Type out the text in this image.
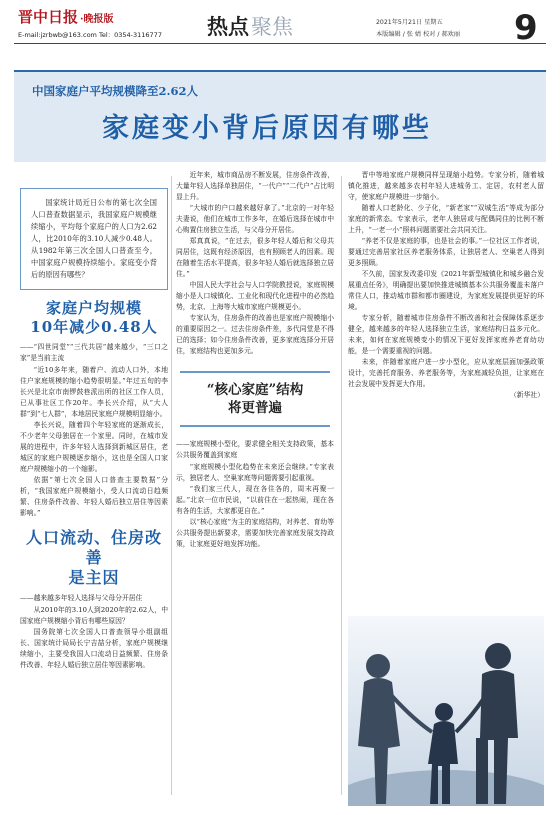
晋中日报 ·晚报版
E-mail:jzrbwb@163.com Tel：0354-3116777 热点聚焦	2021年5月21日 星期五
本版编辑 / 张 婧 校对 / 郝欢丽	9
中国家庭户平均规模降至2.62人
家庭变小背后原因有哪些

国家统计局近日公布的第七次全国人口普查数据显示，我国家庭户规模继续缩小，平均每个家庭户的人口为2.62人，比2010年的3.10人减少0.48人。从1982年第三次全国人口普查至今，中国家庭户规模持续缩小。家庭变小背后的原因有哪些？

家庭户均规模
10年减少0.48人
——“四世同堂”“三代共居”越来越少，“三口之家”是当前主流

“近10多年来，随着户、流动人口外，本地住户家庭规模的缩小趋势很明显。”年过五旬的李长兴是北京市南锣鼓巷派出所的社区工作人员，已从事社区工作20年。李长兴介绍，从“大人群”到“七人群”，本地居民家庭户规模明显缩小。

李长兴说，随着四个年轻家庭的逐渐成长，不少老年父母独居在一个家里。同时，在城市发展的进程中，许多年轻人选择到新城区居住，老城区的家庭户规模逐步缩小，这也是全国人口家庭户规模缩小的一个缩影。

依据“第七次全国人口普查主要数据”分析，“我国家庭户规模缩小，受人口流动日趋频繁、住房条件改善、年轻人婚后独立居住等因素影响。”

人口流动、住房改善
是主因
——越来越多年轻人选择与父母分开居住

从2010年的3.10人到2020年的2.62人，中国家庭户规模缩小背后有哪些原因？

国务院第七次全国人口普查领导小组副组长、国家统计局局长宁吉喆分析，家庭户规模继续缩小，主要受我国人口流动日益频繁、住房条件改善、年轻人婚后独立居住等因素影响。

近年来，城市商品房不断发展，住房条件改善，大量年轻人选择单独居住，“一代户”“二代户”占比明显上升。

“大城市的户口越来越好拿了。”北京的一对年轻夫妻说，他们在城市工作多年，在婚后选择在城市中心购置住房独立生活，与父母分开居住。

郑真真说，“在过去，很多年轻人婚后和父母共同居住，这既有经济原因，也有照顾老人的因素。现在随着生活水平提高，很多年轻人婚后就选择独立居住。”

中国人民大学社会与人口学院教授说，家庭规模缩小是人口城镇化、工业化和现代化进程中的必然趋势，北京、上海等大城市家庭户规模更小。

专家认为，住房条件的改善也是家庭户规模缩小的重要原因之一。过去住房条件差，多代同堂是不得已的选择；如今住房条件改善，更多家庭选择分开居住，家庭结构也更加多元。

“核心家庭”结构
将更普遍
——家庭规模小型化，要求健全相关支持政策，基本公共服务覆盖到家庭

“家庭规模小型化趋势在未来还会继续。”专家表示，独居老人、空巢家庭等问题需要引起重视。

“我们家三代人，现在各住各的，周末再聚一起。”北京一位市民说，“以前住在一起热闹，现在各有各的生活，大家都更自在。”

以“核心家庭”为主的家庭结构，对养老、育幼等公共服务提出新要求，需要加快完善家庭发展支持政策，让家庭更好地发挥功能。

晋中等地家庭户规模同样呈现缩小趋势。专家分析，随着城镇化推进，越来越多农村年轻人进城务工、定居，农村老人留守，使家庭户规模进一步缩小。

随着人口老龄化、少子化，“新老家”“双城生活”等成为部分家庭的新常态。专家表示，老年人独居或与配偶同住的比例不断上升，“一老一小”照料问题需要社会共同关注。

“养老不仅是家庭的事，也是社会的事。”一位社区工作者说，要通过完善居家社区养老服务体系，让独居老人、空巢老人得到更多照顾。

不久前，国家发改委印发《2021年新型城镇化和城乡融合发展重点任务》，明确提出要加快推进城镇基本公共服务覆盖未落户常住人口，推动城市群和都市圈建设，为家庭发展提供更好的环境。

专家分析，随着城市住房条件不断改善和社会保障体系逐步健全，越来越多的年轻人选择独立生活，家庭结构日益多元化。未来，如何在家庭规模变小的情况下更好发挥家庭养老育幼功能，是一个需要重视的问题。

未来，伴随着家庭户进一步小型化，应从家庭层面加强政策设计，完善托育服务、养老服务等，为家庭减轻负担，让家庭在社会发展中发挥更大作用。

（新华社）
